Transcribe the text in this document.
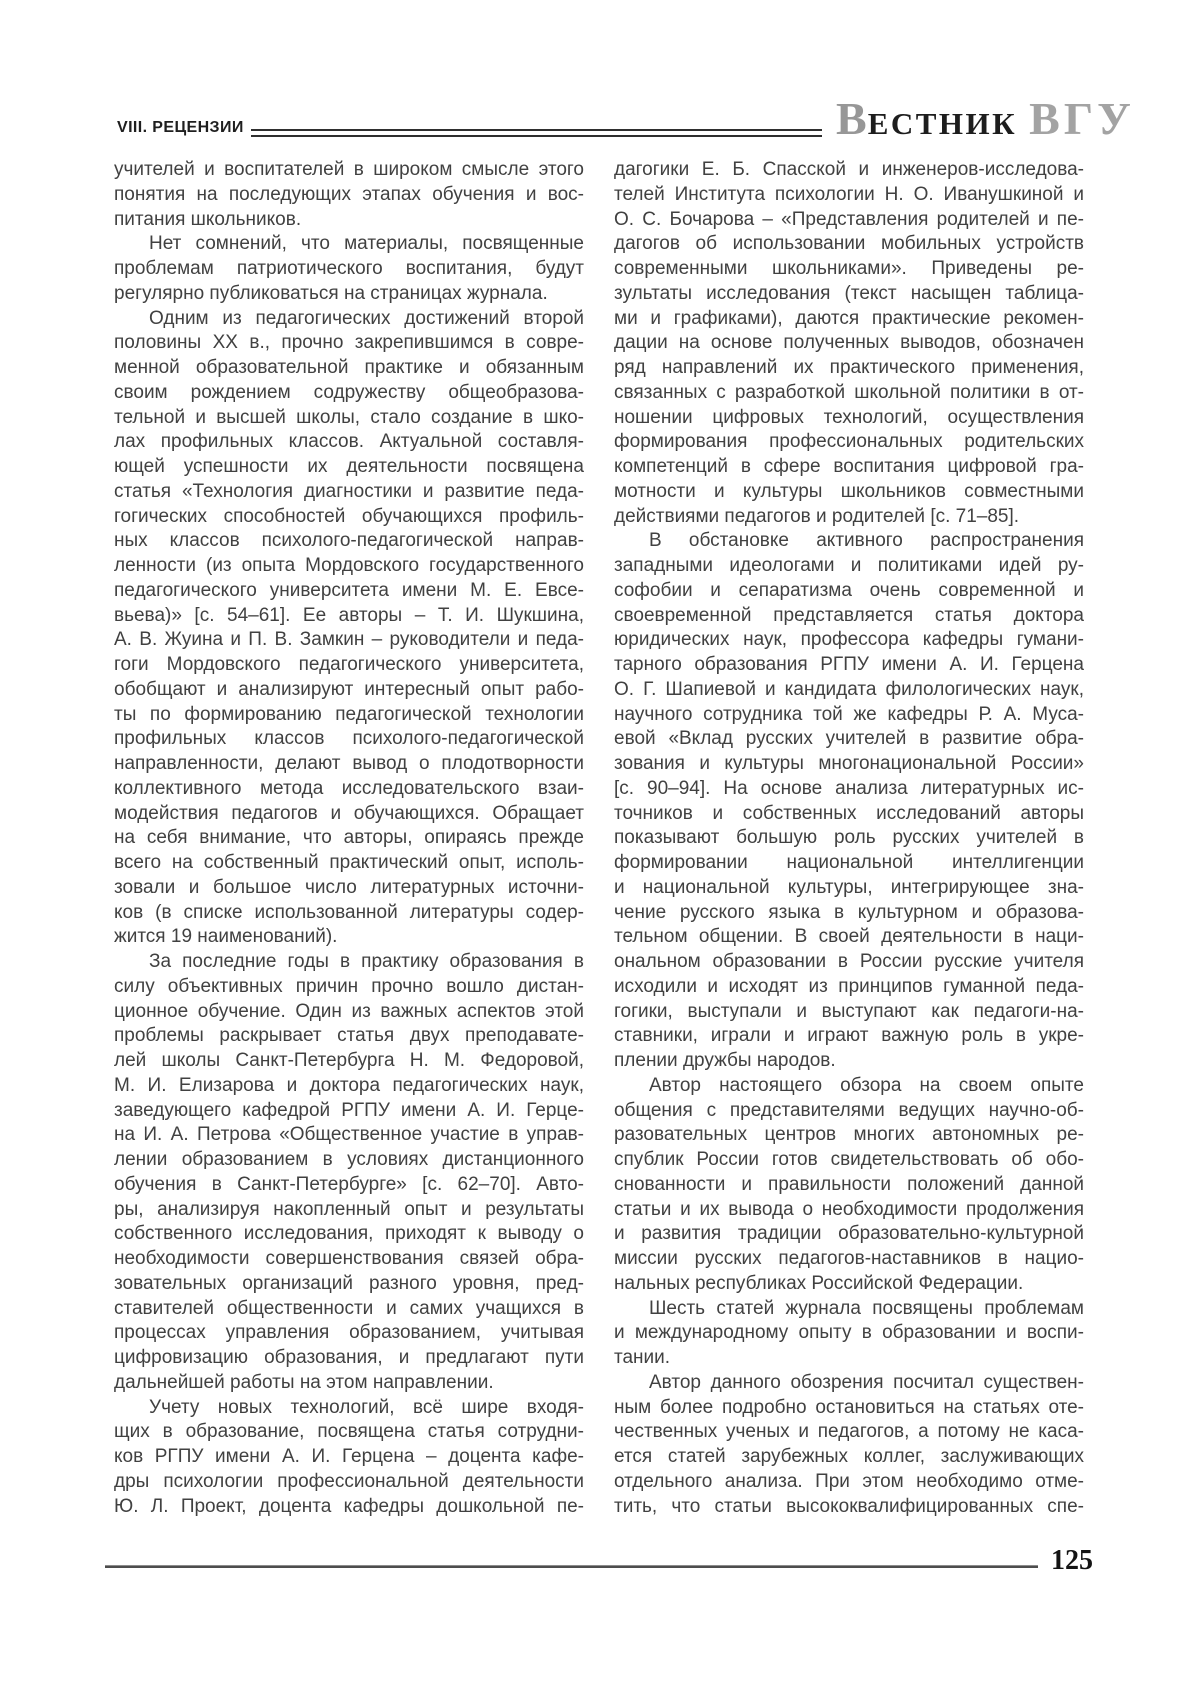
VIII. РЕЦЕНЗИИ	ВЕСТНИК ВГУ
учителей и воспитателей в широком смысле этого
понятия на последующих этапах обучения и вос-
питания школьников.
Нет сомнений, что материалы, посвященные
проблемам патриотического воспитания, будут
регулярно публиковаться на страницах журнала.
Одним из педагогических достижений второй
половины XX в., прочно закрепившимся в совре-
менной образовательной практике и обязанным
своим рождением содружеству общеобразова-
тельной и высшей школы, стало создание в шко-
лах профильных классов. Актуальной составля-
ющей успешности их деятельности посвящена
статья «Технология диагностики и развитие педа-
гогических способностей обучающихся профиль-
ных классов психолого-педагогической направ-
ленности (из опыта Мордовского государственного
педагогического университета имени М. Е. Евсе-
вьева)» [с. 54–61]. Ее авторы – Т. И. Шукшина,
А. В. Жуина и П. В. Замкин – руководители и педа-
гоги Мордовского педагогического университета,
обобщают и анализируют интересный опыт рабо-
ты по формированию педагогической технологии
профильных классов психолого-педагогической
направленности, делают вывод о плодотворности
коллективного метода исследовательского взаи-
модействия педагогов и обучающихся. Обращает
на себя внимание, что авторы, опираясь прежде
всего на собственный практический опыт, исполь-
зовали и большое число литературных источни-
ков (в списке использованной литературы содер-
жится 19 наименований).
За последние годы в практику образования в
силу объективных причин прочно вошло дистан-
ционное обучение. Один из важных аспектов этой
проблемы раскрывает статья двух преподавате-
лей школы Санкт-Петербурга Н. М. Федоровой,
М. И. Елизарова и доктора педагогических наук,
заведующего кафедрой РГПУ имени А. И. Герце-
на И. А. Петрова «Общественное участие в управ-
лении образованием в условиях дистанционного
обучения в Санкт-Петербурге» [с. 62–70]. Авто-
ры, анализируя накопленный опыт и результаты
собственного исследования, приходят к выводу о
необходимости совершенствования связей обра-
зовательных организаций разного уровня, пред-
ставителей общественности и самих учащихся в
процессах управления образованием, учитывая
цифровизацию образования, и предлагают пути
дальнейшей работы на этом направлении.
Учету новых технологий, всё шире входя-
щих в образование, посвящена статья сотрудни-
ков РГПУ имени А. И. Герцена – доцента кафе-
дры психологии профессиональной деятельности
Ю. Л. Проект, доцента кафедры дошкольной пе-
дагогики Е. Б. Спасской и инженеров-исследова-
телей Института психологии Н. О. Иванушкиной и
О. С. Бочарова – «Представления родителей и пе-
дагогов об использовании мобильных устройств
современными школьниками». Приведены ре-
зультаты исследования (текст насыщен таблица-
ми и графиками), даются практические рекомен-
дации на основе полученных выводов, обозначен
ряд направлений их практического применения,
связанных с разработкой школьной политики в от-
ношении цифровых технологий, осуществления
формирования профессиональных родительских
компетенций в сфере воспитания цифровой гра-
мотности и культуры школьников совместными
действиями педагогов и родителей [с. 71–85].
В обстановке активного распространения
западными идеологами и политиками идей ру-
софобии и сепаратизма очень современной и
своевременной представляется статья доктора
юридических наук, профессора кафедры гумани-
тарного образования РГПУ имени А. И. Герцена
О. Г. Шапиевой и кандидата филологических наук,
научного сотрудника той же кафедры Р. А. Муса-
евой «Вклад русских учителей в развитие обра-
зования и культуры многонациональной России»
[с. 90–94]. На основе анализа литературных ис-
точников и собственных исследований авторы
показывают большую роль русских учителей в
формировании национальной интеллигенции
и национальной культуры, интегрирующее зна-
чение русского языка в культурном и образова-
тельном общении. В своей деятельности в наци-
ональном образовании в России русские учителя
исходили и исходят из принципов гуманной педа-
гогики, выступали и выступают как педагоги-на-
ставники, играли и играют важную роль в укре-
плении дружбы народов.
Автор настоящего обзора на своем опыте
общения с представителями ведущих научно-об-
разовательных центров многих автономных ре-
спублик России готов свидетельствовать об обо-
снованности и правильности положений данной
статьи и их вывода о необходимости продолжения
и развития традиции образовательно-культурной
миссии русских педагогов-наставников в нацио-
нальных республиках Российской Федерации.
Шесть статей журнала посвящены проблемам
и международному опыту в образовании и воспи-
тании.
Автор данного обозрения посчитал существен-
ным более подробно остановиться на статьях оте-
чественных ученых и педагогов, а потому не каса-
ется статей зарубежных коллег, заслуживающих
отдельного анализа. При этом необходимо отме-
тить, что статьи высококвалифицированных спе-
125
